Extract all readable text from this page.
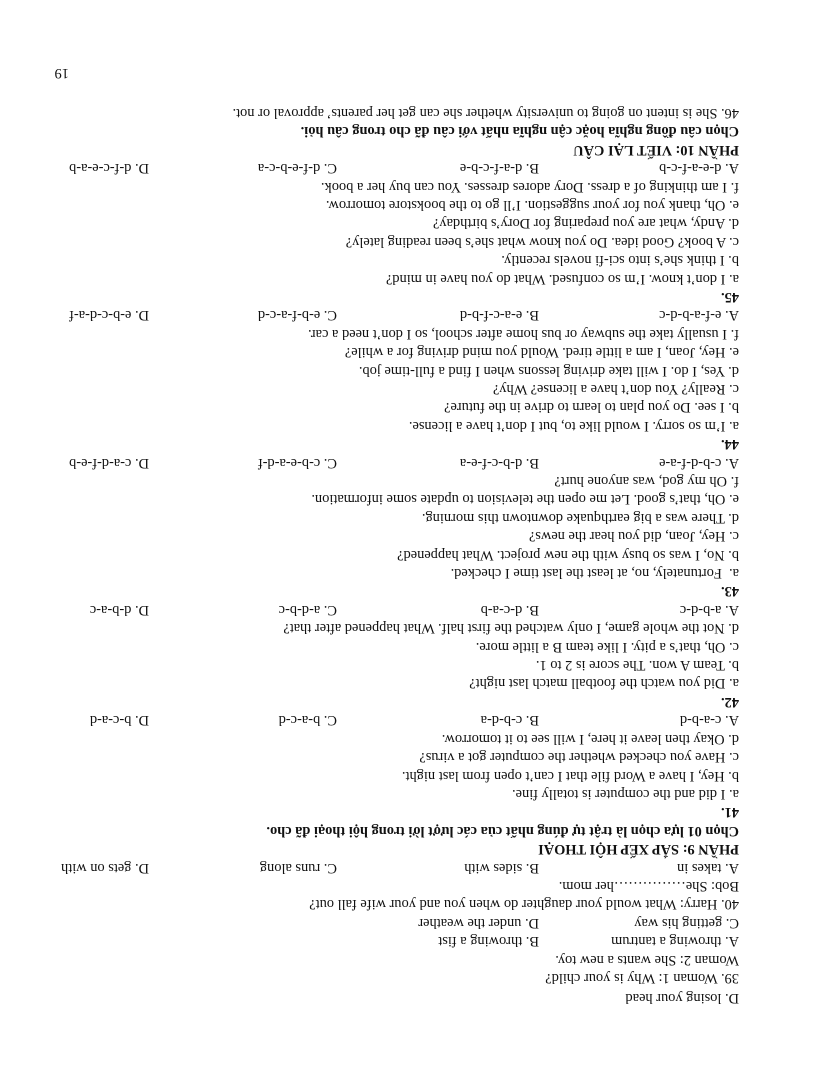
D. losing your head
39. Woman 1: Why is your child?
Woman 2: She wants a new toy.
A. throwing a tantrum
B. throwing a fist
C. getting his way
D. under the weather
40. Harry: What would your daughter do when you and your wife fall out?
Bob: She……………her mom.
A. takes in
B. sides with
C. runs along
D. gets on with
PHẦN 9: SẮP XẾP HỘI THOẠI
Chọn 01 lựa chọn là trật tự đúng nhất của các lượt lời trong hội thoại đã cho.
41.
a. I did and the computer is totally fine.
b. Hey, I have a Word file that I can’t open from last night.
c. Have you checked whether the computer got a virus?
d. Okay then leave it here, I will see to it tomorrow.
A. c-a-b-d
B. c-b-d-a
C. b-a-c-d
D. b-c-a-d
42.
a. Did you watch the football match last night?
b. Team A won. The score is 2 to 1.
c. Oh, that’s a pity. I like team B a little more.
d. Not the whole game, I only watched the first half. What happened after that?
A. a-b-d-c
B. d-c-a-b
C. a-d-b-c
D. d-b-a-c
43.
a.  Fortunately, no, at least the last time I checked.
b. No, I was so busy with the new project. What happened?
c. Hey, Joan, did you hear the news?
d. There was a big earthquake downtown this morning.
e. Oh, that’s good. Let me open the television to update some information.
f. Oh my god, was anyone hurt?
A. c-b-d-f-a-e
B. d-b-c-f-e-a
C. c-b-e-a-d-f
D. c-a-d-f-e-b
44.
a. I’m so sorry. I would like to, but I don’t have a license.
b. I see. Do you plan to learn to drive in the future?
c. Really? You don’t have a license? Why?
d. Yes, I do. I will take driving lessons when I find a full-time job.
e. Hey, Joan, I am a little tired. Would you mind driving for a while?
f. I usually take the subway or bus home after school, so I don’t need a car.
A. e-f-a-b-d-c
B. e-a-c-f-b-d
C. e-b-f-a-c-d
D. e-b-c-d-a-f
45.
a. I don’t know. I’m so confused. What do you have in mind?
b. I think she’s into sci-fi novels recently.
c. A book? Good idea. Do you know what she’s been reading lately?
d. Andy, what are you preparing for Dory’s birthday?
e. Oh, thank you for your suggestion. I’ll go to the bookstore tomorrow.
f. I am thinking of a dress. Dory adores dresses. You can buy her a book.
A. d-e-a-f-c-b
B. d-a-f-c-b-e
C. d-f-e-b-c-a
D. d-f-c-e-a-b
PHẦN 10: VIẾT LẠI CÂU
Chọn câu đồng nghĩa hoặc cận nghĩa nhất với câu đã cho trong câu hỏi.
46. She is intent on going to university whether she can get her parents’ approval or not.
19
